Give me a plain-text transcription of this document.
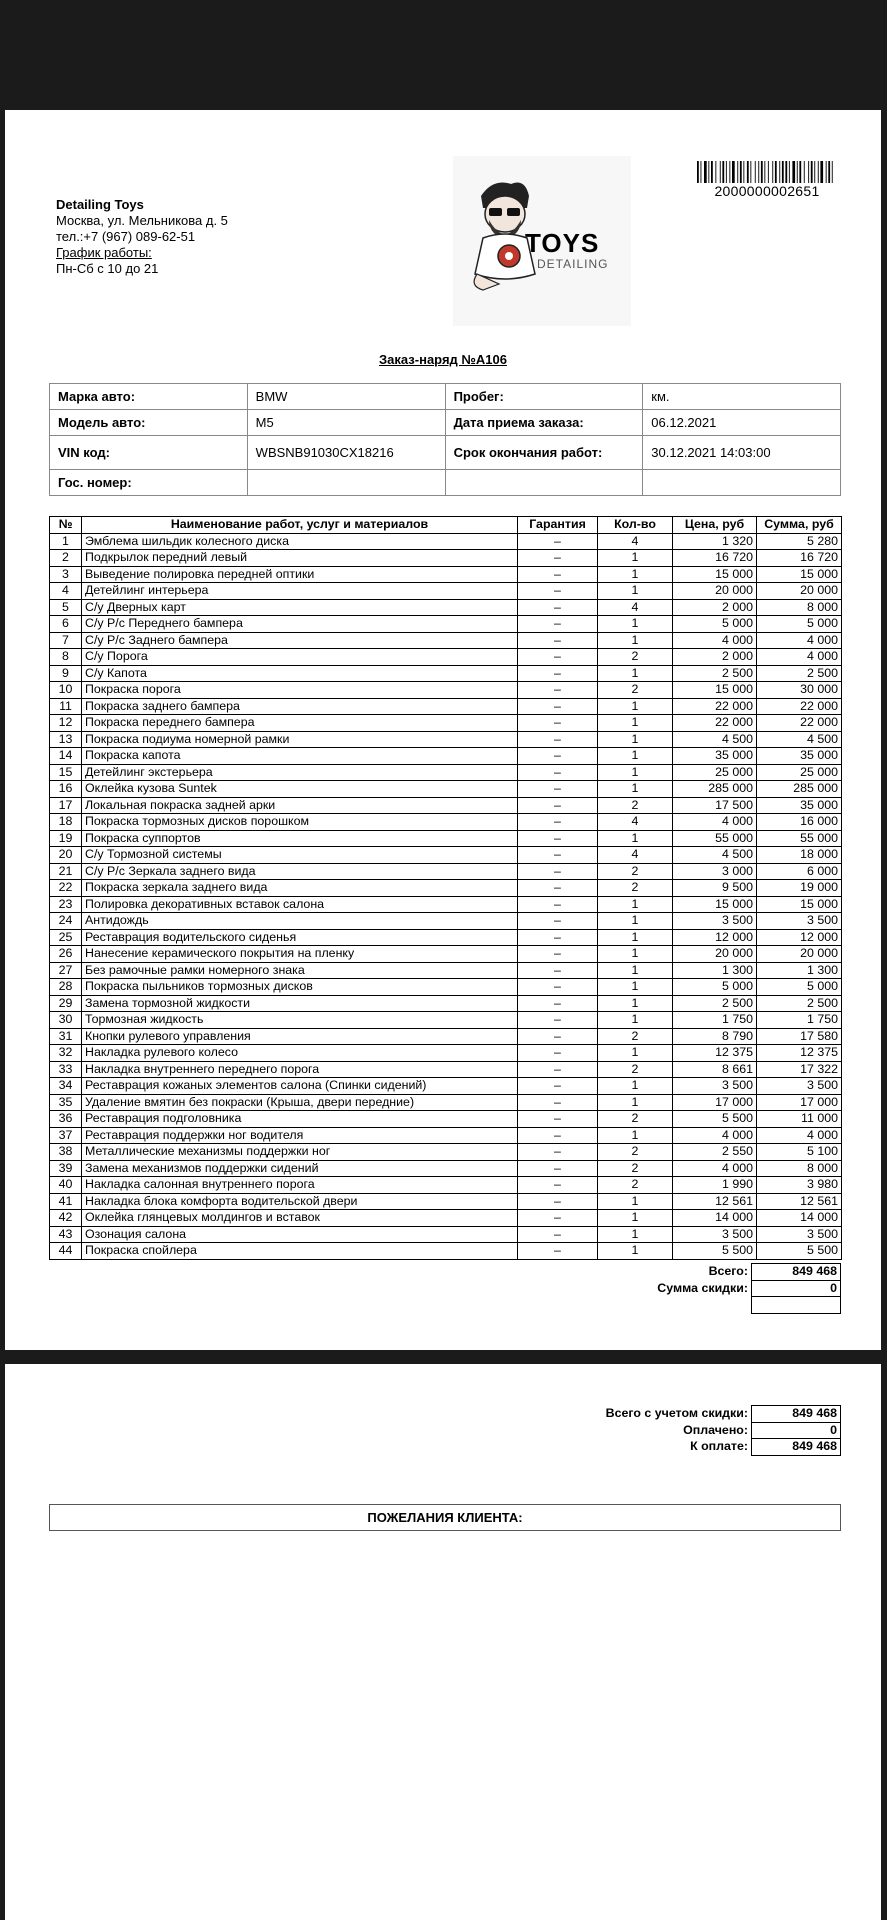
Detailing Toys
Москва, ул. Мельникова д. 5
тел.:+7 (967) 089-62-51
График работы:
Пн-Сб с 10 до 21
2000000002651
TOYS
DETAILING
Заказ-наряд №А106
Марка авто:	BMW	Пробег:	км.
Модель авто:	M5	Дата приема заказа:	06.12.2021
VIN код:	WBSNB91030CX18216	Срок окончания работ:	30.12.2021 14:03:00
Гос. номер:			
№	Наименование работ, услуг и материалов	Гарантия	Кол-во	Цена, руб	Сумма, руб
1	Эмблема шильдик колесного диска	–	4	1 320	5 280
2	Подкрылок передний левый	–	1	16 720	16 720
3	Выведение полировка передней оптики	–	1	15 000	15 000
4	Детейлинг интерьера	–	1	20 000	20 000
5	С/у Дверных карт	–	4	2 000	8 000
6	С/у Р/с Переднего бампера	–	1	5 000	5 000
7	С/у Р/с Заднего бампера	–	1	4 000	4 000
8	С/у Порога	–	2	2 000	4 000
9	С/у Капота	–	1	2 500	2 500
10	Покраска порога	–	2	15 000	30 000
11	Покраска заднего бампера	–	1	22 000	22 000
12	Покраска переднего бампера	–	1	22 000	22 000
13	Покраска подиума номерной рамки	–	1	4 500	4 500
14	Покраска капота	–	1	35 000	35 000
15	Детейлинг экстерьера	–	1	25 000	25 000
16	Оклейка кузова Suntek	–	1	285 000	285 000
17	Локальная покраска задней арки	–	2	17 500	35 000
18	Покраска тормозных дисков порошком	–	4	4 000	16 000
19	Покраска суппортов	–	1	55 000	55 000
20	С/у Тормозной системы	–	4	4 500	18 000
21	С/у Р/с Зеркала заднего вида	–	2	3 000	6 000
22	Покраска зеркала заднего вида	–	2	9 500	19 000
23	Полировка декоративных вставок салона	–	1	15 000	15 000
24	Антидождь	–	1	3 500	3 500
25	Реставрация водительского сиденья	–	1	12 000	12 000
26	Нанесение керамического покрытия на пленку	–	1	20 000	20 000
27	Без рамочные рамки номерного знака	–	1	1 300	1 300
28	Покраска пыльников тормозных дисков	–	1	5 000	5 000
29	Замена тормозной жидкости	–	1	2 500	2 500
30	Тормозная жидкость	–	1	1 750	1 750
31	Кнопки рулевого управления	–	2	8 790	17 580
32	Накладка рулевого колесо	–	1	12 375	12 375
33	Накладка внутреннего переднего порога	–	2	8 661	17 322
34	Реставрация кожаных элементов салона (Спинки сидений)	–	1	3 500	3 500
35	Удаление вмятин без покраски (Крыша, двери передние)	–	1	17 000	17 000
36	Реставрация подголовника	–	2	5 500	11 000
37	Реставрация поддержки ног водителя	–	1	4 000	4 000
38	Металлические механизмы поддержки ног	–	2	2 550	5 100
39	Замена механизмов поддержки сидений	–	2	4 000	8 000
40	Накладка салонная внутреннего порога	–	2	1 990	3 980
41	Накладка блока комфорта водительской двери	–	1	12 561	12 561
42	Оклейка глянцевых молдингов и вставок	–	1	14 000	14 000
43	Озонация салона	–	1	3 500	3 500
44	Покраска спойлера	–	1	5 500	5 500
Всего:	849 468
Сумма скидки:	0

Всего с учетом скидки:	849 468
Оплачено:	0
К оплате:	849 468
ПОЖЕЛАНИЯ КЛИЕНТА:
